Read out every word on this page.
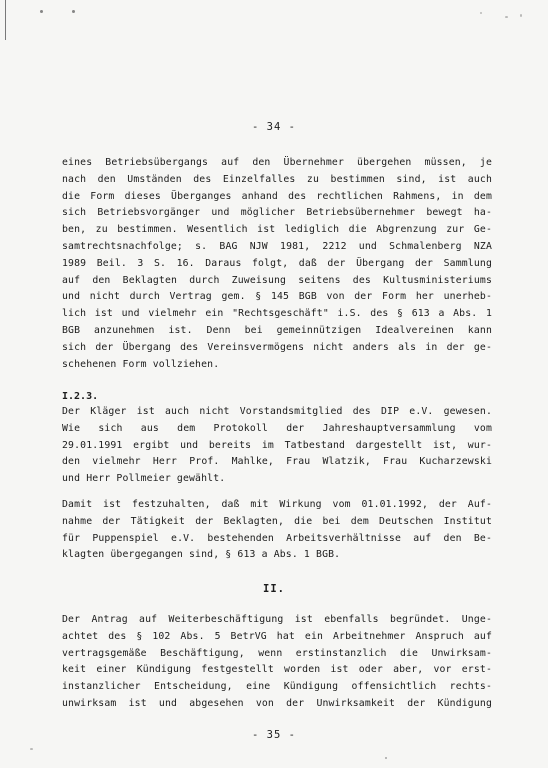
- 34 -
eines Betriebsübergangs auf den Übernehmer übergehen müssen, je
nach den Umständen des Einzelfalles zu bestimmen sind, ist auch
die Form dieses Überganges anhand des rechtlichen Rahmens, in dem
sich Betriebsvorgänger und möglicher Betriebsübernehmer bewegt ha-
ben, zu bestimmen. Wesentlich ist lediglich die Abgrenzung zur Ge-
samtrechtsnachfolge; s. BAG NJW 1981, 2212 und Schmalenberg NZA
1989 Beil. 3 S. 16. Daraus folgt, daß der Übergang der Sammlung
auf den Beklagten durch Zuweisung seitens des Kultusministeriums
und nicht durch Vertrag gem. § 145 BGB von der Form her unerheb-
lich ist und vielmehr ein "Rechtsgeschäft" i.S. des § 613 a Abs. 1
BGB anzunehmen ist. Denn bei gemeinnützigen Idealvereinen kann
sich der Übergang des Vereinsvermögens nicht anders als in der ge-
schehenen Form vollziehen.
I.2.3.
Der Kläger ist auch nicht Vorstandsmitglied des DIP e.V. gewesen.
Wie sich aus dem Protokoll der Jahreshauptversammlung vom
29.01.1991 ergibt und bereits im Tatbestand dargestellt ist, wur-
den vielmehr Herr Prof. Mahlke, Frau Wlatzik, Frau Kucharzewski
und Herr Pollmeier gewählt.
Damit ist festzuhalten, daß mit Wirkung vom 01.01.1992, der Auf-
nahme der Tätigkeit der Beklagten, die bei dem Deutschen Institut
für Puppenspiel e.V. bestehenden Arbeitsverhältnisse auf den Be-
klagten übergegangen sind, § 613 a Abs. 1 BGB.
II.
Der Antrag auf Weiterbeschäftigung ist ebenfalls begründet. Unge-
achtet des § 102 Abs. 5 BetrVG hat ein Arbeitnehmer Anspruch auf
vertragsgemäße Beschäftigung, wenn erstinstanzlich die Unwirksam-
keit einer Kündigung festgestellt worden ist oder aber, vor erst-
instanzlicher Entscheidung, eine Kündigung offensichtlich rechts-
unwirksam ist und abgesehen von der Unwirksamkeit der Kündigung
- 35 -
